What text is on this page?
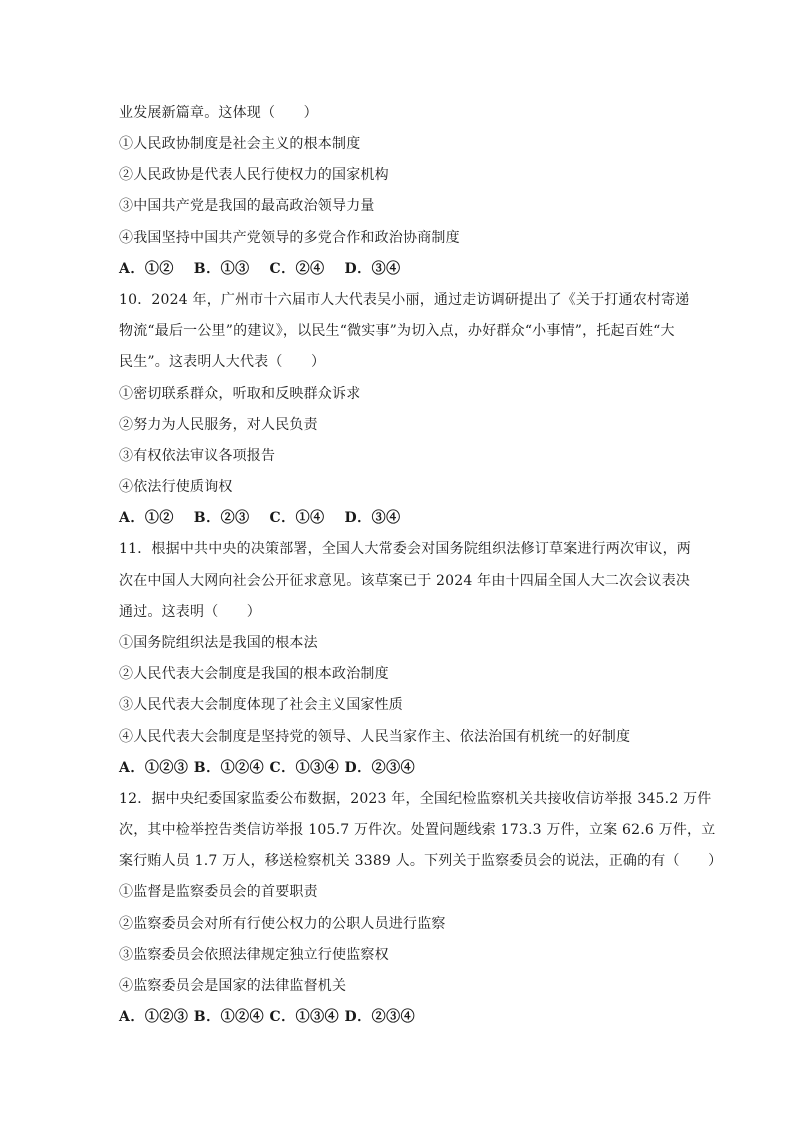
业发展新篇章。这体现（　　）
①人民政协制度是社会主义的根本制度
②人民政协是代表人民行使权力的国家机构
③中国共产党是我国的最高政治领导力量
④我国坚持中国共产党领导的多党合作和政治协商制度
A．①②　 B．①③　 C．②④　 D．③④
10．2024 年，广州市十六届市人大代表吴小丽，通过走访调研提出了《关于打通农村寄递
物流“最后一公里”的建议》，以民生“微实事”为切入点，办好群众“小事情”，托起百姓“大
民生”。这表明人大代表（　　）
①密切联系群众，听取和反映群众诉求
②努力为人民服务，对人民负责
③有权依法审议各项报告
④依法行使质询权
A．①②　 B．②③　 C．①④　 D．③④
11．根据中共中央的决策部署，全国人大常委会对国务院组织法修订草案进行两次审议，两
次在中国人大网向社会公开征求意见。该草案已于 2024 年由十四届全国人大二次会议表决
通过。这表明（　　）
①国务院组织法是我国的根本法
②人民代表大会制度是我国的根本政治制度
③人民代表大会制度体现了社会主义国家性质
④人民代表大会制度是坚持党的领导、人民当家作主、依法治国有机统一的好制度
A．①②③ B．①②④ C．①③④ D．②③④
12．据中央纪委国家监委公布数据，2023 年，全国纪检监察机关共接收信访举报 345.2 万件
次，其中检举控告类信访举报 105.7 万件次。处置问题线索 173.3 万件，立案 62.6 万件，立
案行贿人员 1.7 万人，移送检察机关 3389 人。下列关于监察委员会的说法，正确的有（　　）
①监督是监察委员会的首要职责
②监察委员会对所有行使公权力的公职人员进行监察
③监察委员会依照法律规定独立行使监察权
④监察委员会是国家的法律监督机关
A．①②③ B．①②④ C．①③④ D．②③④
